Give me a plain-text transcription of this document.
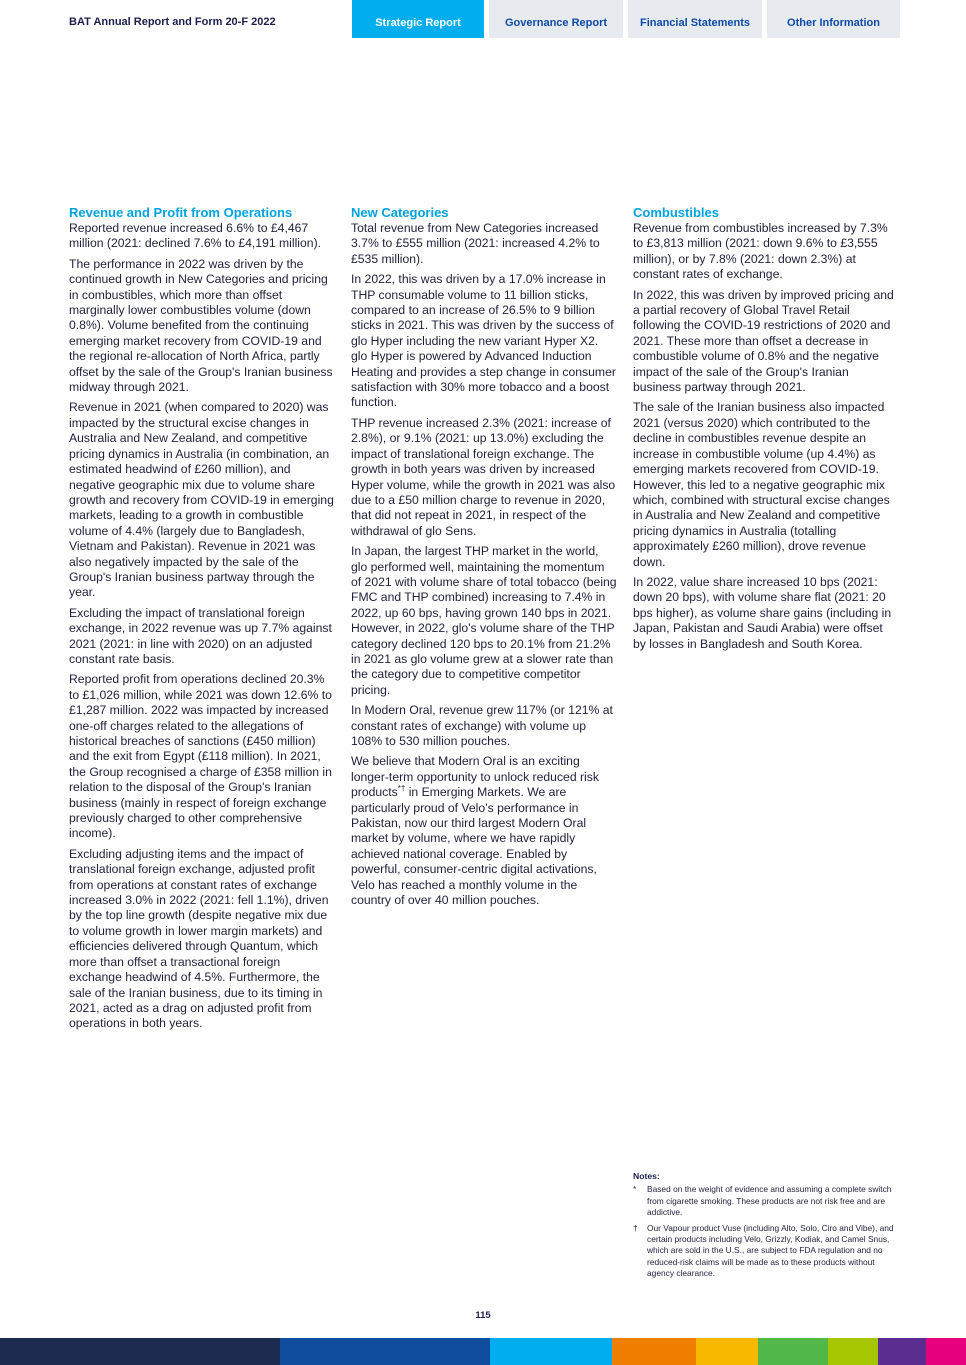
BAT Annual Report and Form 20-F 2022	Strategic Report	Governance Report	Financial Statements	Other Information
Revenue and Profit from Operations

Reported revenue increased 6.6% to £4,467 million (2021: declined 7.6% to £4,191 million).

The performance in 2022 was driven by the continued growth in New Categories and pricing in combustibles, which more than offset marginally lower combustibles volume (down 0.8%). Volume benefited from the continuing emerging market recovery from COVID-19 and the regional re-allocation of North Africa, partly offset by the sale of the Group's Iranian business midway through 2021.

Revenue in 2021 (when compared to 2020) was impacted by the structural excise changes in Australia and New Zealand, and competitive pricing dynamics in Australia (in combination, an estimated headwind of £260 million), and negative geographic mix due to volume share growth and recovery from COVID-19 in emerging markets, leading to a growth in combustible volume of 4.4% (largely due to Bangladesh, Vietnam and Pakistan). Revenue in 2021 was also negatively impacted by the sale of the Group's Iranian business partway through the year.

Excluding the impact of translational foreign exchange, in 2022 revenue was up 7.7% against 2021 (2021: in line with 2020) on an adjusted constant rate basis.

Reported profit from operations declined 20.3% to £1,026 million, while 2021 was down 12.6% to £1,287 million. 2022 was impacted by increased one-off charges related to the allegations of historical breaches of sanctions (£450 million) and the exit from Egypt (£118 million). In 2021, the Group recognised a charge of £358 million in relation to the disposal of the Group's Iranian business (mainly in respect of foreign exchange previously charged to other comprehensive income).

Excluding adjusting items and the impact of translational foreign exchange, adjusted profit from operations at constant rates of exchange increased 3.0% in 2022 (2021: fell 1.1%), driven by the top line growth (despite negative mix due to volume growth in lower margin markets) and efficiencies delivered through Quantum, which more than offset a transactional foreign exchange headwind of 4.5%. Furthermore, the sale of the Iranian business, due to its timing in 2021, acted as a drag on adjusted profit from operations in both years.

New Categories

Total revenue from New Categories increased 3.7% to £555 million (2021: increased 4.2% to £535 million).

In 2022, this was driven by a 17.0% increase in THP consumable volume to 11 billion sticks, compared to an increase of 26.5% to 9 billion sticks in 2021. This was driven by the success of glo Hyper including the new variant Hyper X2. glo Hyper is powered by Advanced Induction Heating and provides a step change in consumer satisfaction with 30% more tobacco and a boost function.

THP revenue increased 2.3% (2021: increase of 2.8%), or 9.1% (2021: up 13.0%) excluding the impact of translational foreign exchange. The growth in both years was driven by increased Hyper volume, while the growth in 2021 was also due to a £50 million charge to revenue in 2020, that did not repeat in 2021, in respect of the withdrawal of glo Sens.

In Japan, the largest THP market in the world, glo performed well, maintaining the momentum of 2021 with volume share of total tobacco (being FMC and THP combined) increasing to 7.4% in 2022, up 60 bps, having grown 140 bps in 2021. However, in 2022, glo's volume share of the THP category declined 120 bps to 20.1% from 21.2% in 2021 as glo volume grew at a slower rate than the category due to competitive competitor pricing.

In Modern Oral, revenue grew 117% (or 121% at constant rates of exchange) with volume up 108% to 530 million pouches.

We believe that Modern Oral is an exciting longer-term opportunity to unlock reduced risk products*† in Emerging Markets. We are particularly proud of Velo’s performance in Pakistan, now our third largest Modern Oral market by volume, where we have rapidly achieved national coverage. Enabled by powerful, consumer-centric digital activations, Velo has reached a monthly volume in the country of over 40 million pouches.

Combustibles

Revenue from combustibles increased by 7.3% to £3,813 million (2021: down 9.6% to £3,555 million), or by 7.8% (2021: down 2.3%) at constant rates of exchange.

In 2022, this was driven by improved pricing and a partial recovery of Global Travel Retail following the COVID-19 restrictions of 2020 and 2021. These more than offset a decrease in combustible volume of 0.8% and the negative impact of the sale of the Group's Iranian business partway through 2021.

The sale of the Iranian business also impacted 2021 (versus 2020) which contributed to the decline in combustibles revenue despite an increase in combustible volume (up 4.4%) as emerging markets recovered from COVID-19. However, this led to a negative geographic mix which, combined with structural excise changes in Australia and New Zealand and competitive pricing dynamics in Australia (totalling approximately £260 million), drove revenue down.

In 2022, value share increased 10 bps (2021: down 20 bps), with volume share flat (2021: 20 bps higher), as volume share gains (including in Japan, Pakistan and Saudi Arabia) were offset by losses in Bangladesh and South Korea.

Notes:
*	Based on the weight of evidence and assuming a complete switch from cigarette smoking. These products are not risk free and are addictive.
†	Our Vapour product Vuse (including Alto, Solo, Ciro and Vibe), and certain products including Velo, Grizzly, Kodiak, and Camel Snus, which are sold in the U.S., are subject to FDA regulation and no reduced-risk claims will be made as to these products without agency clearance.
115
